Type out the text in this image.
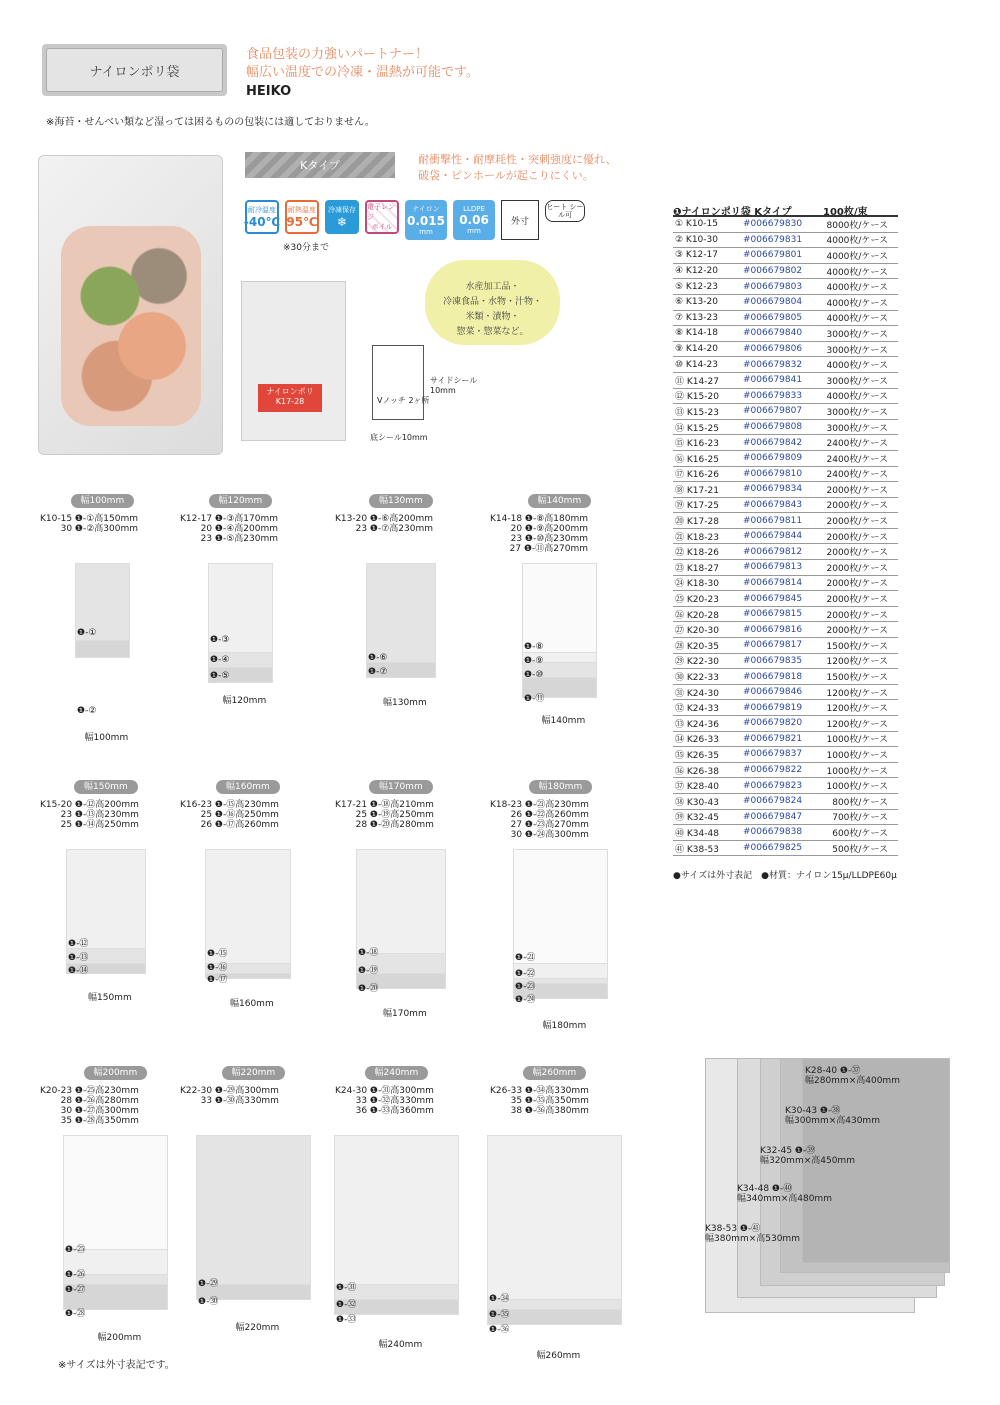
ナイロンポリ袋
食品包装の力強いパートナー！
幅広い温度での冷凍・温熱が可能です。
HEIKO
※海苔・せんべい類など湿っては困るものの包装には適しておりません。
Kタイプ	耐衝撃性・耐摩耗性・突刺強度に優れ、
破袋・ピンホールが起こりにくい。
耐冷温度
-40℃
耐熱温度
95℃
冷凍保存
❄
電子レンジ
ボイル
ナイロン
0.015
mm
LLDPE
0.06
mm
外寸
ヒート シール可
※30分まで
ナイロンポリ
K17-28
水産加工品・
冷凍食品・水物・汁物・
米類・漬物・
惣菜・惣菜など。
サイドシール
10mm
Vノッチ 2ヶ所
底シール10mm
❶ナイロンポリ袋 Kタイプ	100枚/束
① K10-15	#006679830	8000枚/ケース
② K10-30	#006679831	4000枚/ケース
③ K12-17	#006679801	4000枚/ケース
④ K12-20	#006679802	4000枚/ケース
⑤ K12-23	#006679803	4000枚/ケース
⑥ K13-20	#006679804	4000枚/ケース
⑦ K13-23	#006679805	4000枚/ケース
⑧ K14-18	#006679840	3000枚/ケース
⑨ K14-20	#006679806	3000枚/ケース
⑩ K14-23	#006679832	4000枚/ケース
⑪ K14-27	#006679841	3000枚/ケース
⑫ K15-20	#006679833	4000枚/ケース
⑬ K15-23	#006679807	3000枚/ケース
⑭ K15-25	#006679808	3000枚/ケース
⑮ K16-23	#006679842	2400枚/ケース
⑯ K16-25	#006679809	2400枚/ケース
⑰ K16-26	#006679810	2400枚/ケース
⑱ K17-21	#006679834	2000枚/ケース
⑲ K17-25	#006679843	2000枚/ケース
⑳ K17-28	#006679811	2000枚/ケース
㉑ K18-23	#006679844	2000枚/ケース
㉒ K18-26	#006679812	2000枚/ケース
㉓ K18-27	#006679813	2000枚/ケース
㉔ K18-30	#006679814	2000枚/ケース
㉕ K20-23	#006679845	2000枚/ケース
㉖ K20-28	#006679815	2000枚/ケース
㉗ K20-30	#006679816	2000枚/ケース
㉘ K20-35	#006679817	1500枚/ケース
㉙ K22-30	#006679835	1200枚/ケース
㉚ K22-33	#006679818	1500枚/ケース
㉛ K24-30	#006679846	1200枚/ケース
㉜ K24-33	#006679819	1200枚/ケース
㉝ K24-36	#006679820	1200枚/ケース
㉞ K26-33	#006679821	1000枚/ケース
㉟ K26-35	#006679837	1000枚/ケース
㊱ K26-38	#006679822	1000枚/ケース
㊲ K28-40	#006679823	1000枚/ケース
㊳ K30-43	#006679824	800枚/ケース
㊴ K32-45	#006679847	700枚/ケース
㊵ K34-48	#006679838	600枚/ケース
㊶ K38-53	#006679825	500枚/ケース
●サイズは外寸表記　●材質：ナイロン15μ/LLDPE60μ
幅100mm
K10-15 ❶-①高150mm
30 ❶-②高300mm
❶-①
❶-②
幅100mm
幅120mm
K12-17 ❶-③高170mm
20 ❶-④高200mm
23 ❶-⑤高230mm
❶-③
❶-④
❶-⑤
幅120mm
幅130mm
K13-20 ❶-⑥高200mm
23 ❶-⑦高230mm
❶-⑥
❶-⑦
幅130mm
幅140mm
K14-18 ❶-⑧高180mm
20 ❶-⑨高200mm
23 ❶-⑩高230mm
27 ❶-⑪高270mm
❶-⑧
❶-⑨
❶-⑩
❶-⑪
幅140mm
幅150mm
K15-20 ❶-⑫高200mm
23 ❶-⑬高230mm
25 ❶-⑭高250mm
❶-⑫
❶-⑬
❶-⑭
幅150mm
幅160mm
K16-23 ❶-⑮高230mm
25 ❶-⑯高250mm
26 ❶-⑰高260mm
❶-⑮
❶-⑯
❶-⑰
幅160mm
幅170mm
K17-21 ❶-⑱高210mm
25 ❶-⑲高250mm
28 ❶-⑳高280mm
❶-⑱
❶-⑲
❶-⑳
幅170mm
幅180mm
K18-23 ❶-㉑高230mm
26 ❶-㉒高260mm
27 ❶-㉓高270mm
30 ❶-㉔高300mm
❶-㉑
❶-㉒
❶-㉓
❶-㉔
幅180mm
幅200mm
K20-23 ❶-㉕高230mm
28 ❶-㉖高280mm
30 ❶-㉗高300mm
35 ❶-㉘高350mm
❶-㉕
❶-㉖
❶-㉗
❶-㉘
幅200mm
幅220mm
K22-30 ❶-㉙高300mm
33 ❶-㉚高330mm
❶-㉙
❶-㉚
幅220mm
幅240mm
K24-30 ❶-㉛高300mm
33 ❶-㉜高330mm
36 ❶-㉝高360mm
❶-㉛
❶-㉜
❶-㉝
幅240mm
幅260mm
K26-33 ❶-㉞高330mm
35 ❶-㉟高350mm
38 ❶-㊱高380mm
❶-㉞
❶-㉟
❶-㊱
幅260mm
K28-40 ❶-㊲
幅280mm×高400mm
K30-43 ❶-㊳
幅300mm×高430mm
K32-45 ❶-㊴
幅320mm×高450mm
K34-48 ❶-㊵
幅340mm×高480mm
K38-53 ❶-㊶
幅380mm×高530mm
※サイズは外寸表記です。
